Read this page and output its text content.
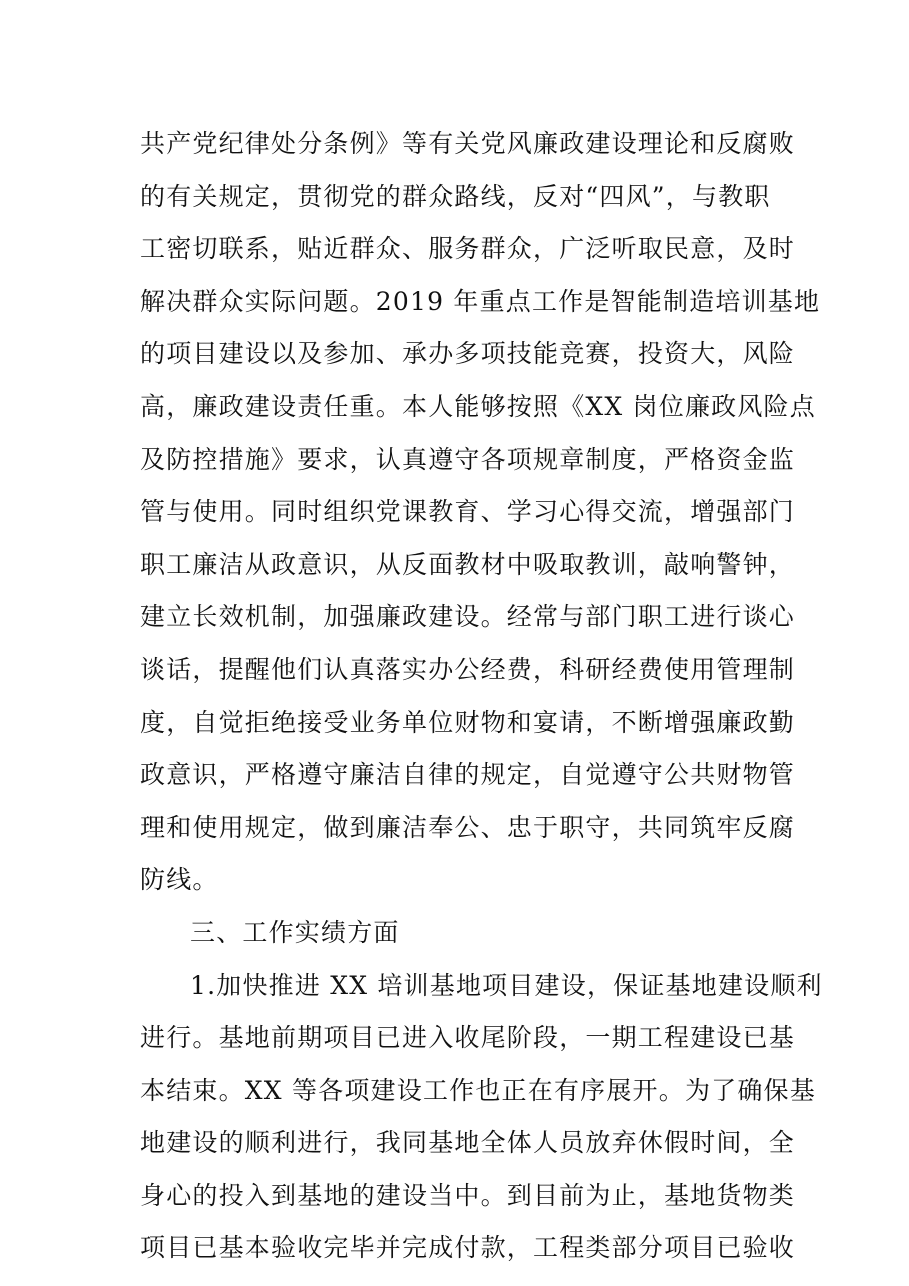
共产党纪律处分条例》等有关党风廉政建设理论和反腐败
的有关规定，贯彻党的群众路线，反对“四风”，与教职
工密切联系，贴近群众、服务群众，广泛听取民意，及时
解决群众实际问题。2019 年重点工作是智能制造培训基地
的项目建设以及参加、承办多项技能竞赛，投资大，风险
高，廉政建设责任重。本人能够按照《XX 岗位廉政风险点
及防控措施》要求，认真遵守各项规章制度，严格资金监
管与使用。同时组织党课教育、学习心得交流，增强部门
职工廉洁从政意识，从反面教材中吸取教训，敲响警钟，
建立长效机制，加强廉政建设。经常与部门职工进行谈心
谈话，提醒他们认真落实办公经费，科研经费使用管理制
度，自觉拒绝接受业务单位财物和宴请，不断增强廉政勤
政意识，严格遵守廉洁自律的规定，自觉遵守公共财物管
理和使用规定，做到廉洁奉公、忠于职守，共同筑牢反腐
防线。
三、工作实绩方面
1.加快推进 XX 培训基地项目建设，保证基地建设顺利
进行。基地前期项目已进入收尾阶段，一期工程建设已基
本结束。XX 等各项建设工作也正在有序展开。为了确保基
地建设的顺利进行，我同基地全体人员放弃休假时间，全
身心的投入到基地的建设当中。到目前为止，基地货物类
项目已基本验收完毕并完成付款，工程类部分项目已验收
